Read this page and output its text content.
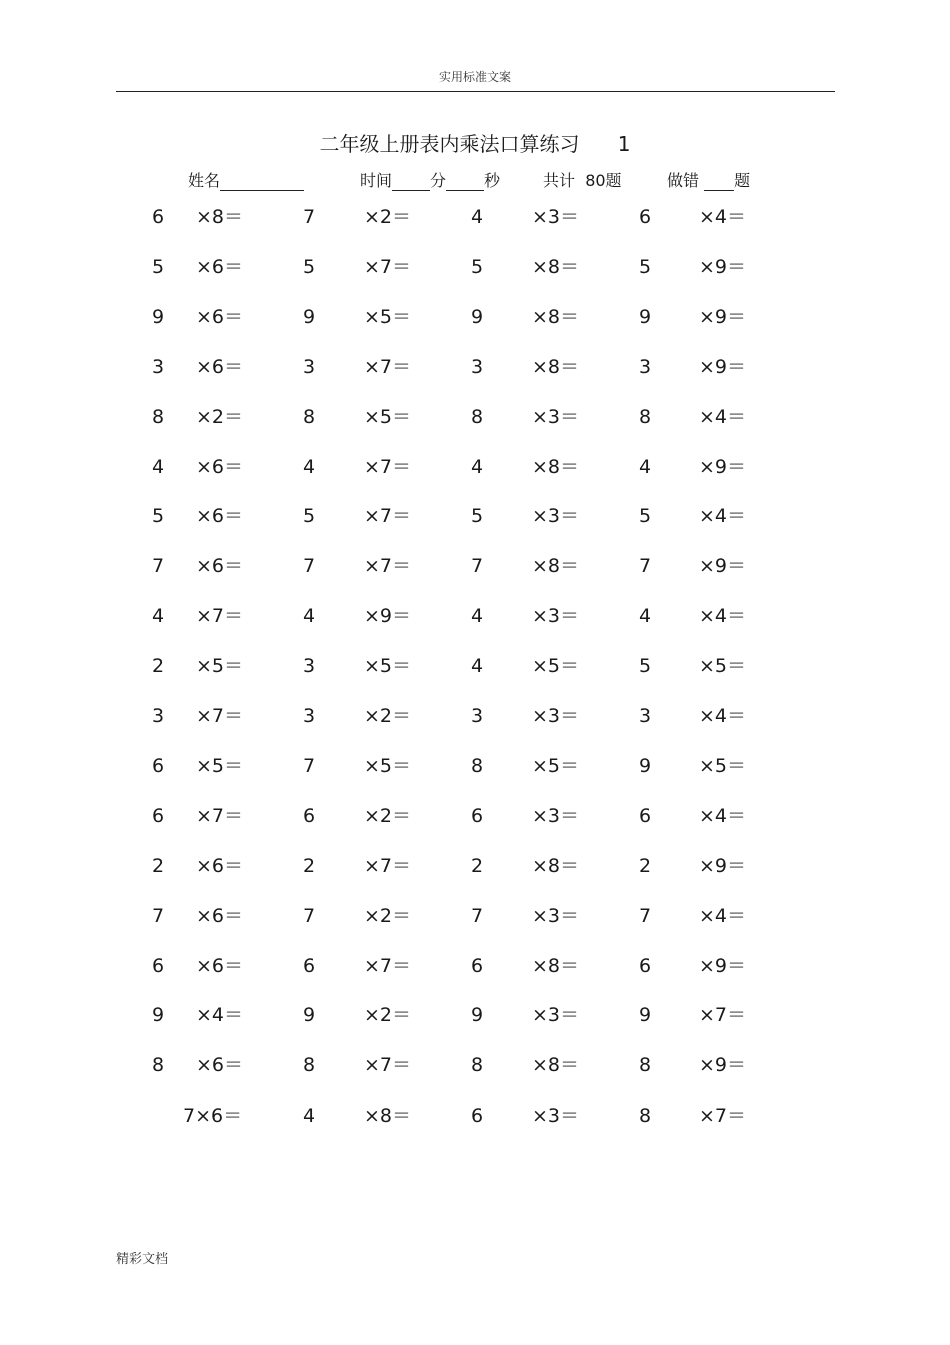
实用标准文案
二年级上册表内乘法口算练习 1
姓名	时间 分 秒	共计 80题	做错 题
6 ×8＝	7	×2＝	4	×3＝	6	×4＝
5 ×6＝	5	×7＝	5	×8＝	5	×9＝
9 ×6＝	9	×5＝	9	×8＝	9	×9＝
3 ×6＝	3	×7＝	3	×8＝	3	×9＝
8 ×2＝	8	×5＝	8	×3＝	8	×4＝
4 ×6＝	4	×7＝	4	×8＝	4	×9＝
5 ×6＝	5	×7＝	5	×3＝	5	×4＝
7 ×6＝	7	×7＝	7	×8＝	7	×9＝
4 ×7＝	4	×9＝	4	×3＝	4	×4＝
2 ×5＝	3	×5＝	4	×5＝	5	×5＝
3 ×7＝	3	×2＝	3	×3＝	3	×4＝
6 ×5＝	7	×5＝	8	×5＝	9	×5＝
6 ×7＝	6	×2＝	6	×3＝	6	×4＝
2 ×6＝	2	×7＝	2	×8＝	2	×9＝
7 ×6＝	7	×2＝	7	×3＝	7	×4＝
6 ×6＝	6	×7＝	6	×8＝	6	×9＝
9 ×4＝	9	×2＝	9	×3＝	9	×7＝
8 ×6＝	8	×7＝	8	×8＝	8	×9＝
7×6＝	4	×8＝	6	×3＝	8	×7＝
精彩文档
